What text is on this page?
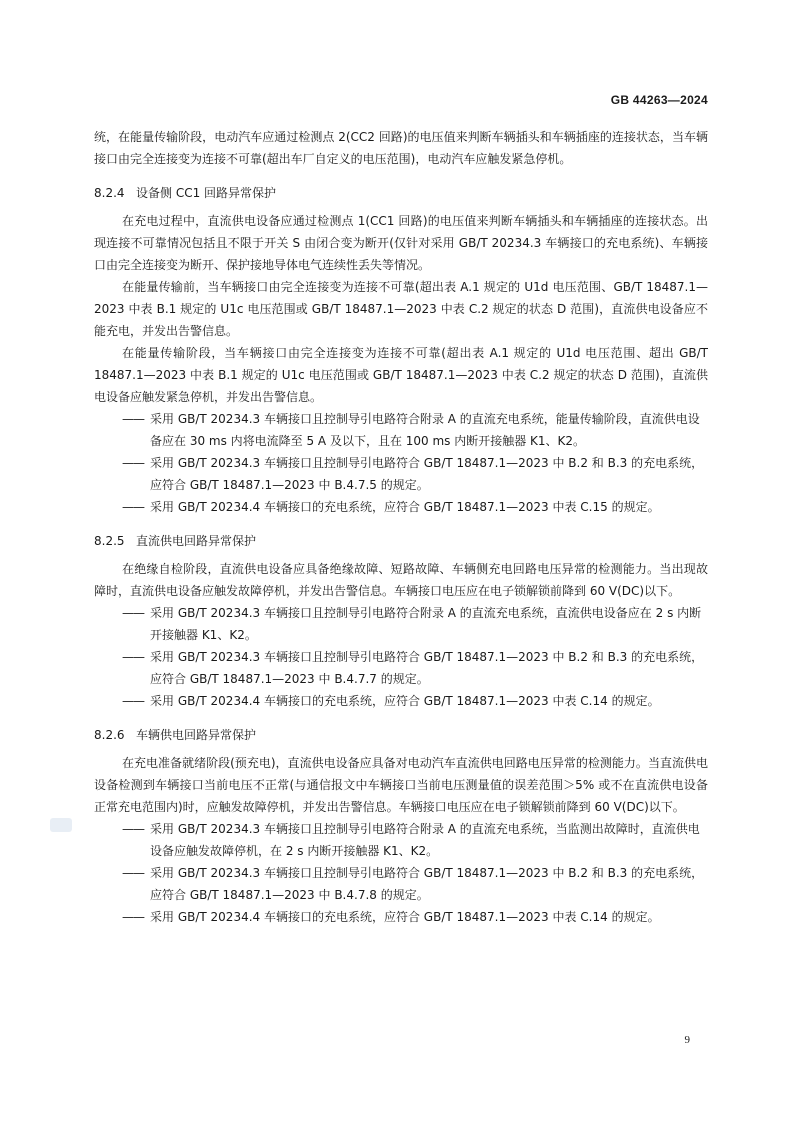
GB 44263—2024

统，在能量传输阶段，电动汽车应通过检测点 2(CC2 回路)的电压值来判断车辆插头和车辆插座的连接状态，当车辆接口由完全连接变为连接不可靠(超出车厂自定义的电压范围)，电动汽车应触发紧急停机。

8.2.4 设备侧 CC1 回路异常保护

在充电过程中，直流供电设备应通过检测点 1(CC1 回路)的电压值来判断车辆插头和车辆插座的连接状态。出现连接不可靠情况包括且不限于开关 S 由闭合变为断开(仅针对采用 GB/T 20234.3 车辆接口的充电系统)、车辆接口由完全连接变为断开、保护接地导体电气连续性丢失等情况。

在能量传输前，当车辆接口由完全连接变为连接不可靠(超出表 A.1 规定的 U1d 电压范围、GB/T 18487.1—2023 中表 B.1 规定的 U1c 电压范围或 GB/T 18487.1—2023 中表 C.2 规定的状态 D 范围)，直流供电设备应不能充电，并发出告警信息。

在能量传输阶段，当车辆接口由完全连接变为连接不可靠(超出表 A.1 规定的 U1d 电压范围、超出 GB/T 18487.1—2023 中表 B.1 规定的 U1c 电压范围或 GB/T 18487.1—2023 中表 C.2 规定的状态 D 范围)，直流供电设备应触发紧急停机，并发出告警信息。

—— 采用 GB/T 20234.3 车辆接口且控制导引电路符合附录 A 的直流充电系统，能量传输阶段，直流供电设备应在 30 ms 内将电流降至 5 A 及以下，且在 100 ms 内断开接触器 K1、K2。

—— 采用 GB/T 20234.3 车辆接口且控制导引电路符合 GB/T 18487.1—2023 中 B.2 和 B.3 的充电系统，应符合 GB/T 18487.1—2023 中 B.4.7.5 的规定。

—— 采用 GB/T 20234.4 车辆接口的充电系统，应符合 GB/T 18487.1—2023 中表 C.15 的规定。

8.2.5 直流供电回路异常保护

在绝缘自检阶段，直流供电设备应具备绝缘故障、短路故障、车辆侧充电回路电压异常的检测能力。当出现故障时，直流供电设备应触发故障停机，并发出告警信息。车辆接口电压应在电子锁解锁前降到 60 V(DC)以下。

—— 采用 GB/T 20234.3 车辆接口且控制导引电路符合附录 A 的直流充电系统，直流供电设备应在 2 s 内断开接触器 K1、K2。

—— 采用 GB/T 20234.3 车辆接口且控制导引电路符合 GB/T 18487.1—2023 中 B.2 和 B.3 的充电系统，应符合 GB/T 18487.1—2023 中 B.4.7.7 的规定。

—— 采用 GB/T 20234.4 车辆接口的充电系统，应符合 GB/T 18487.1—2023 中表 C.14 的规定。

8.2.6 车辆供电回路异常保护

在充电准备就绪阶段(预充电)，直流供电设备应具备对电动汽车直流供电回路电压异常的检测能力。当直流供电设备检测到车辆接口当前电压不正常(与通信报文中车辆接口当前电压测量值的误差范围＞5% 或不在直流供电设备正常充电范围内)时，应触发故障停机，并发出告警信息。车辆接口电压应在电子锁解锁前降到 60 V(DC)以下。

—— 采用 GB/T 20234.3 车辆接口且控制导引电路符合附录 A 的直流充电系统，当监测出故障时，直流供电设备应触发故障停机，在 2 s 内断开接触器 K1、K2。

—— 采用 GB/T 20234.3 车辆接口且控制导引电路符合 GB/T 18487.1—2023 中 B.2 和 B.3 的充电系统，应符合 GB/T 18487.1—2023 中 B.4.7.8 的规定。

—— 采用 GB/T 20234.4 车辆接口的充电系统，应符合 GB/T 18487.1—2023 中表 C.14 的规定。

9
